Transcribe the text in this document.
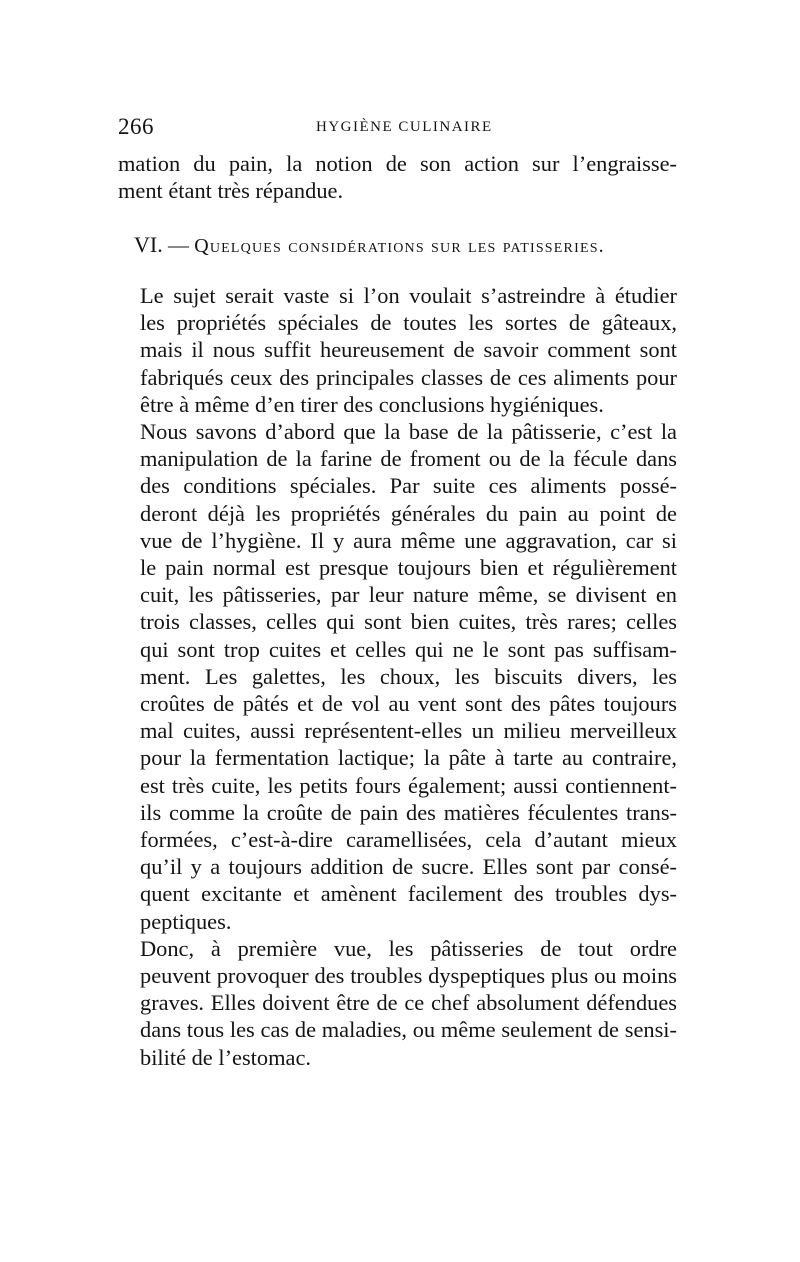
266	HYGIÈNE CULINAIRE

mation du pain, la notion de son action sur l’engraisse-
ment étant très répandue.

VI. — Quelques considérations sur les patisseries.

Le sujet serait vaste si l’on voulait s’astreindre à étudier
les propriétés spéciales de toutes les sortes de gâteaux,
mais il nous suffit heureusement de savoir comment sont
fabriqués ceux des principales classes de ces aliments pour
être à même d’en tirer des conclusions hygiéniques.

Nous savons d’abord que la base de la pâtisserie, c’est la
manipulation de la farine de froment ou de la fécule dans
des conditions spéciales. Par suite ces aliments possé-
deront déjà les propriétés générales du pain au point de
vue de l’hygiène. Il y aura même une aggravation, car si
le pain normal est presque toujours bien et régulièrement
cuit, les pâtisseries, par leur nature même, se divisent en
trois classes, celles qui sont bien cuites, très rares; celles
qui sont trop cuites et celles qui ne le sont pas suffisam-
ment. Les galettes, les choux, les biscuits divers, les
croûtes de pâtés et de vol au vent sont des pâtes toujours
mal cuites, aussi représentent-elles un milieu merveilleux
pour la fermentation lactique; la pâte à tarte au contraire,
est très cuite, les petits fours également; aussi contiennent-
ils comme la croûte de pain des matières féculentes trans-
formées, c’est-à-dire caramellisées, cela d’autant mieux
qu’il y a toujours addition de sucre. Elles sont par consé-
quent excitante et amènent facilement des troubles dys-
peptiques.

Donc, à première vue, les pâtisseries de tout ordre
peuvent provoquer des troubles dyspeptiques plus ou moins
graves. Elles doivent être de ce chef absolument défendues
dans tous les cas de maladies, ou même seulement de sensi-
bilité de l’estomac.
